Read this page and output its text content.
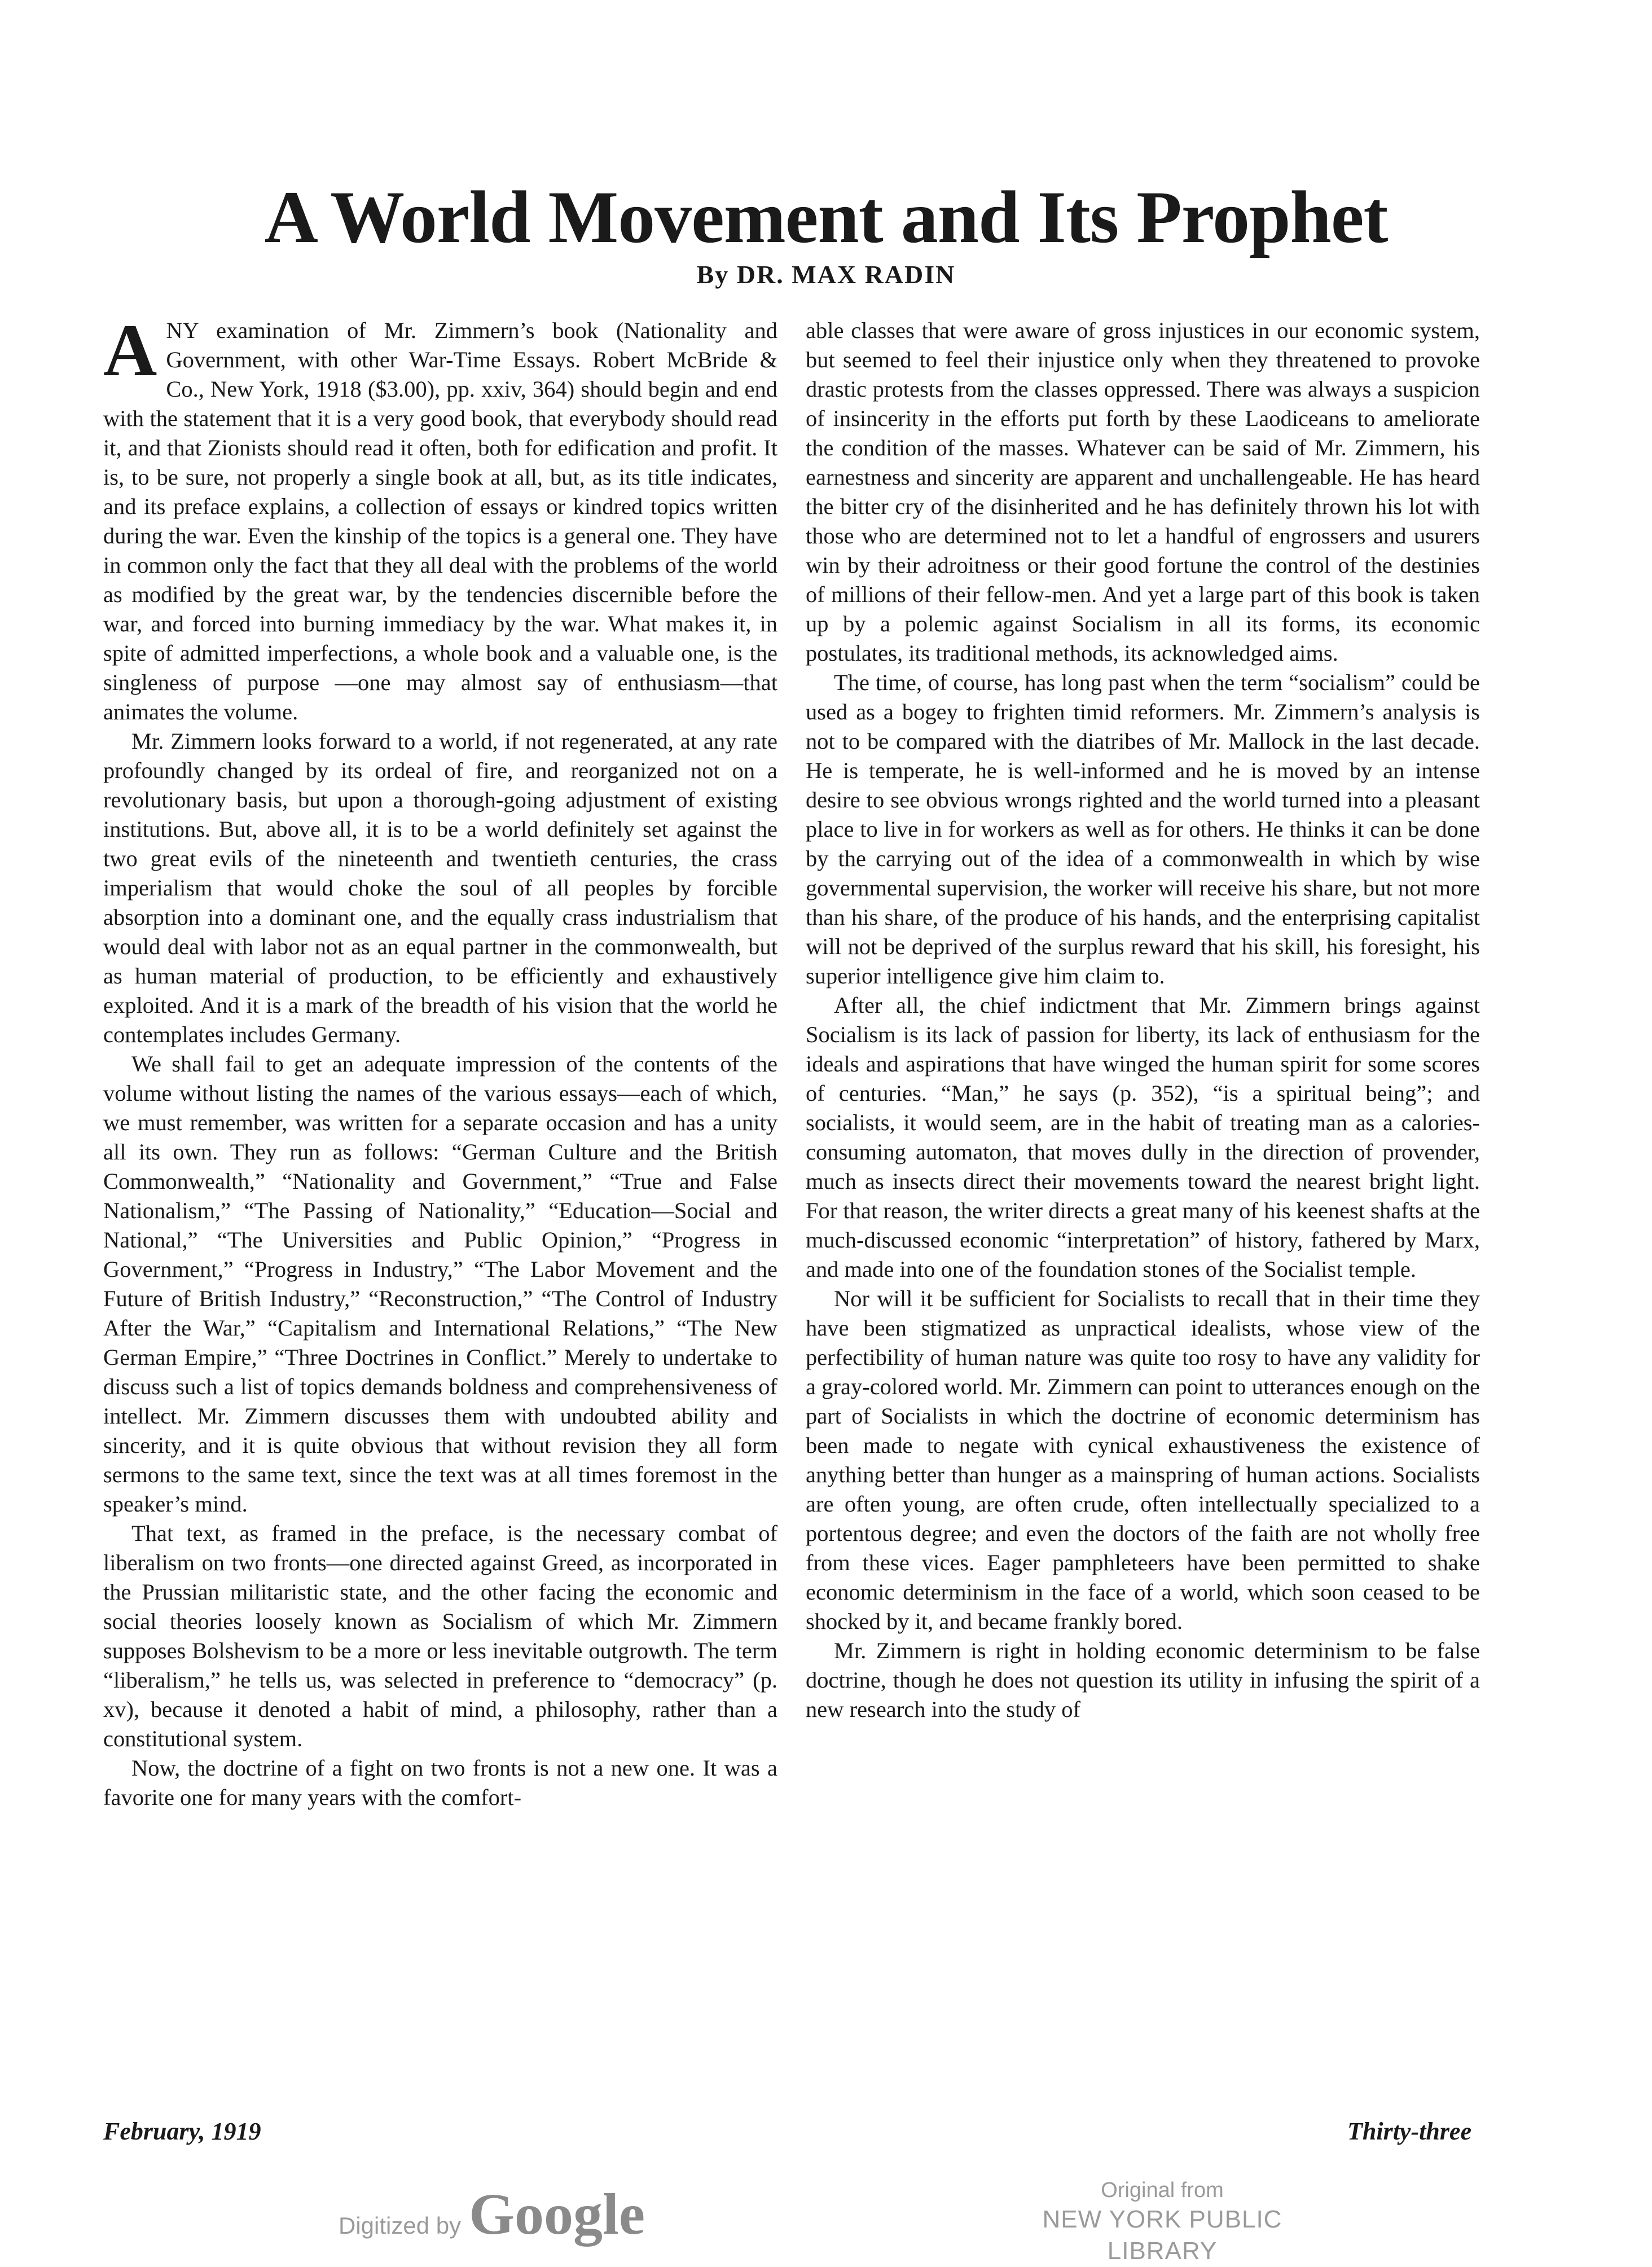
A World Movement and Its Prophet
By DR. MAX RADIN

ANY examination of Mr. Zimmern’s book (Nationality and Government, with other War-Time Essays. Robert McBride & Co., New York, 1918 ($3.00), pp. xxiv, 364) should begin and end with the statement that it is a very good book, that everybody should read it, and that Zionists should read it often, both for edification and profit. It is, to be sure, not properly a single book at all, but, as its title indicates, and its preface explains, a collection of essays or kindred topics written during the war. Even the kinship of the topics is a general one. They have in common only the fact that they all deal with the problems of the world as modified by the great war, by the tendencies discernible before the war, and forced into burning immediacy by the war. What makes it, in spite of admitted imperfections, a whole book and a valuable one, is the singleness of purpose —one may almost say of enthusiasm—that animates the volume.

Mr. Zimmern looks forward to a world, if not regenerated, at any rate profoundly changed by its ordeal of fire, and reorganized not on a revolutionary basis, but upon a thorough-going adjustment of existing institutions. But, above all, it is to be a world definitely set against the two great evils of the nineteenth and twentieth centuries, the crass imperialism that would choke the soul of all peoples by forcible absorption into a dominant one, and the equally crass industrialism that would deal with labor not as an equal partner in the commonwealth, but as human material of production, to be efficiently and exhaustively exploited. And it is a mark of the breadth of his vision that the world he contemplates includes Germany.

We shall fail to get an adequate impression of the contents of the volume without listing the names of the various essays—each of which, we must remember, was written for a separate occasion and has a unity all its own. They run as follows: “German Culture and the British Commonwealth,” “Nationality and Government,” “True and False Nationalism,” “The Passing of Nationality,” “Education—Social and National,” “The Universities and Public Opinion,” “Progress in Government,” “Progress in Industry,” “The Labor Movement and the Future of British Industry,” “Reconstruction,” “The Control of Industry After the War,” “Capitalism and International Relations,” “The New German Empire,” “Three Doctrines in Conflict.” Merely to undertake to discuss such a list of topics demands boldness and comprehensiveness of intellect. Mr. Zimmern discusses them with undoubted ability and sincerity, and it is quite obvious that without revision they all form sermons to the same text, since the text was at all times foremost in the speaker’s mind.

That text, as framed in the preface, is the necessary combat of liberalism on two fronts—one directed against Greed, as incorporated in the Prussian militaristic state, and the other facing the economic and social theories loosely known as Socialism of which Mr. Zimmern supposes Bolshevism to be a more or less inevitable outgrowth. The term “liberalism,” he tells us, was selected in preference to “democracy” (p. xv), because it denoted a habit of mind, a philosophy, rather than a constitutional system.

Now, the doctrine of a fight on two fronts is not a new one. It was a favorite one for many years with the comfort-

able classes that were aware of gross injustices in our economic system, but seemed to feel their injustice only when they threatened to provoke drastic protests from the classes oppressed. There was always a suspicion of insincerity in the efforts put forth by these Laodiceans to ameliorate the condition of the masses. Whatever can be said of Mr. Zimmern, his earnestness and sincerity are apparent and unchallengeable. He has heard the bitter cry of the disinherited and he has definitely thrown his lot with those who are determined not to let a handful of engrossers and usurers win by their adroitness or their good fortune the control of the destinies of millions of their fellow-men. And yet a large part of this book is taken up by a polemic against Socialism in all its forms, its economic postulates, its traditional methods, its acknowledged aims.

The time, of course, has long past when the term “socialism” could be used as a bogey to frighten timid reformers. Mr. Zimmern’s analysis is not to be compared with the diatribes of Mr. Mallock in the last decade. He is temperate, he is well-informed and he is moved by an intense desire to see obvious wrongs righted and the world turned into a pleasant place to live in for workers as well as for others. He thinks it can be done by the carrying out of the idea of a commonwealth in which by wise governmental supervision, the worker will receive his share, but not more than his share, of the produce of his hands, and the enterprising capitalist will not be deprived of the surplus reward that his skill, his foresight, his superior intelligence give him claim to.

After all, the chief indictment that Mr. Zimmern brings against Socialism is its lack of passion for liberty, its lack of enthusiasm for the ideals and aspirations that have winged the human spirit for some scores of centuries. “Man,” he says (p. 352), “is a spiritual being”; and socialists, it would seem, are in the habit of treating man as a calories-consuming automaton, that moves dully in the direction of provender, much as insects direct their movements toward the nearest bright light. For that reason, the writer directs a great many of his keenest shafts at the much-discussed economic “interpretation” of history, fathered by Marx, and made into one of the foundation stones of the Socialist temple.

Nor will it be sufficient for Socialists to recall that in their time they have been stigmatized as unpractical idealists, whose view of the perfectibility of human nature was quite too rosy to have any validity for a gray-colored world. Mr. Zimmern can point to utterances enough on the part of Socialists in which the doctrine of economic determinism has been made to negate with cynical exhaustiveness the existence of anything better than hunger as a mainspring of human actions. Socialists are often young, are often crude, often intellectually specialized to a portentous degree; and even the doctors of the faith are not wholly free from these vices. Eager pamphleteers have been permitted to shake economic determinism in the face of a world, which soon ceased to be shocked by it, and became frankly bored.

Mr. Zimmern is right in holding economic determinism to be false doctrine, though he does not question its utility in infusing the spirit of a new research into the study of

February, 1919	Thirty-three
Digitized by Google	Original from
NEW YORK PUBLIC LIBRARY
